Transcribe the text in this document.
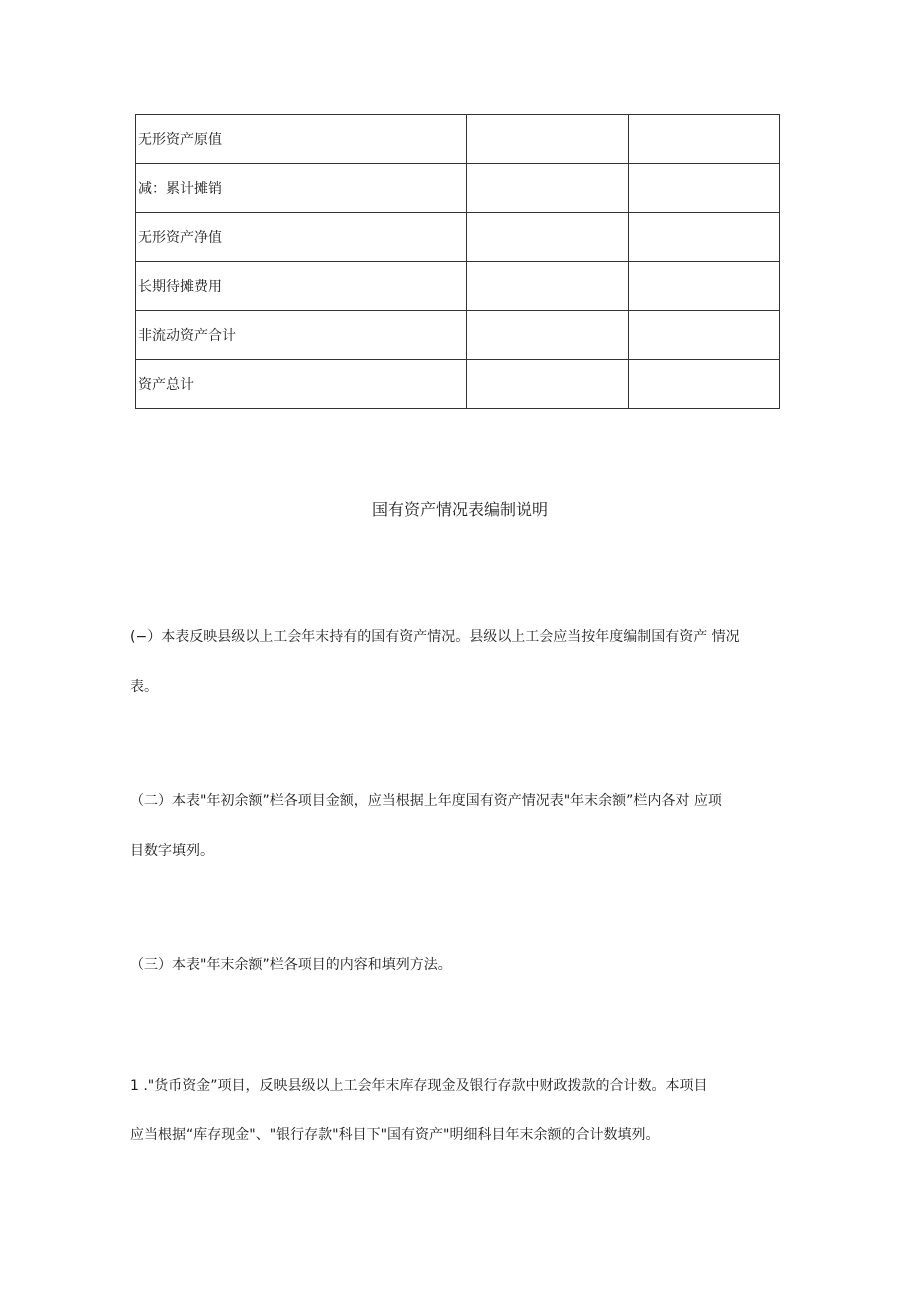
无形资产原值		
减：累计摊销		
无形资产净值		
长期待摊费用		
非流动资产合计		
资产总计		
国有资产情况表编制说明

(−）本表反映县级以上工会年末持有的国有资产情况。县级以上工会应当按年度编制国有资产 情况

表。

（二）本表"年初余额”栏各项目金额，应当根据上年度国有资产情况表"年末余额”栏内各对 应项

目数字填列。

（三）本表"年末余额”栏各项目的内容和填列方法。

1 ."货币资金”项目，反映县级以上工会年末库存现金及银行存款中财政拨款的合计数。本项目

应当根据“库存现金"、"银行存款"科目下"国有资产"明细科目年末余额的合计数填列。
